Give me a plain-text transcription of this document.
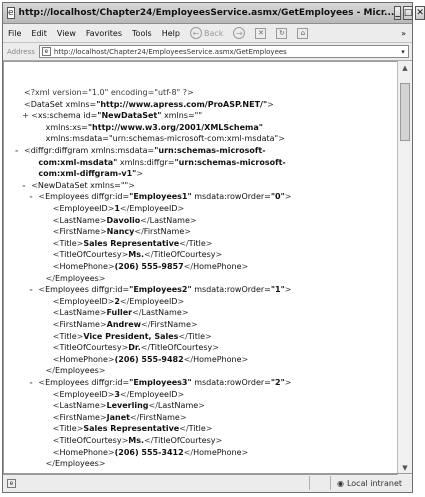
e http://localhost/Chapter24/EmployeesService.asmx/GetEmployees - Micr... _ □ ✕
File Edit View Favorites Tools Help	← Back	→	✕	↻	⌂	»
Address	e http://localhost/Chapter24/EmployeesService.asmx/GetEmployees	▾
<?xml version="1.0" encoding="utf-8" ?>
<DataSet xmlns="http://www.apress.com/ProASP.NET/">
+ <xs:schema id="NewDataSet" xmlns=""
xmlns:xs="http://www.w3.org/2001/XMLSchema"
xmlns:msdata="urn:schemas-microsoft-com:xml-msdata">
- <diffgr:diffgram xmlns:msdata="urn:schemas-microsoft-
com:xml-msdata" xmlns:diffgr="urn:schemas-microsoft-
com:xml-diffgram-v1">
- <NewDataSet xmlns="">
- <Employees diffgr:id="Employees1" msdata:rowOrder="0">
<EmployeeID>1</EmployeeID>
<LastName>Davolio</LastName>
<FirstName>Nancy</FirstName>
<Title>Sales Representative</Title>
<TitleOfCourtesy>Ms.</TitleOfCourtesy>
<HomePhone>(206) 555-9857</HomePhone>
</Employees>
- <Employees diffgr:id="Employees2" msdata:rowOrder="1">
<EmployeeID>2</EmployeeID>
<LastName>Fuller</LastName>
<FirstName>Andrew</FirstName>
<Title>Vice President, Sales</Title>
<TitleOfCourtesy>Dr.</TitleOfCourtesy>
<HomePhone>(206) 555-9482</HomePhone>
</Employees>
- <Employees diffgr:id="Employees3" msdata:rowOrder="2">
<EmployeeID>3</EmployeeID>
<LastName>Leverling</LastName>
<FirstName>Janet</FirstName>
<Title>Sales Representative</Title>
<TitleOfCourtesy>Ms.</TitleOfCourtesy>
<HomePhone>(206) 555-3412</HomePhone>
</Employees>
▲
▼
e	◉ Local intranet
